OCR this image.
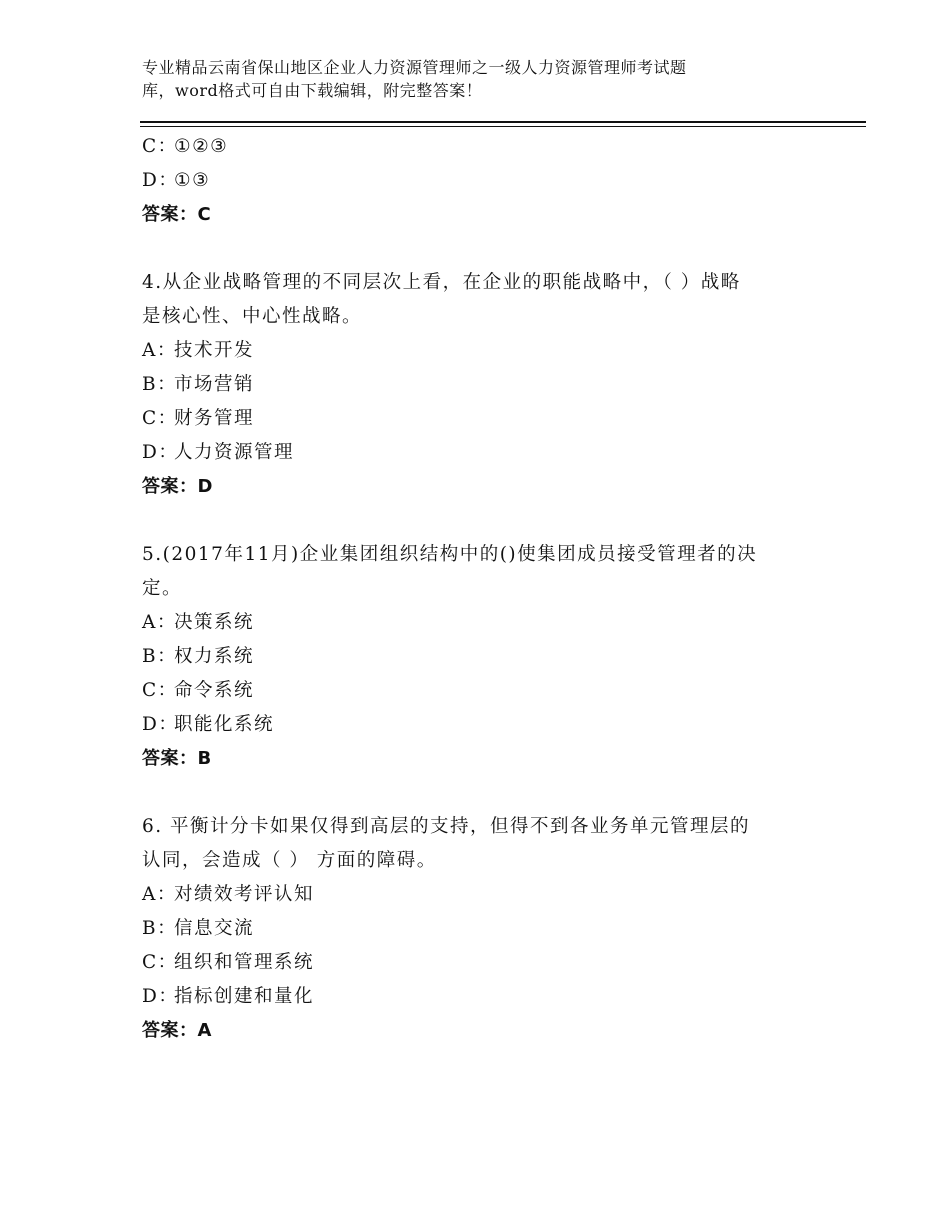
专业精品云南省保山地区企业人力资源管理师之一级人力资源管理师考试题
库，word格式可自由下载编辑，附完整答案！
C：①②③
D：①③
答案：C
4.从企业战略管理的不同层次上看，在企业的职能战略中，（ ）战略
是核心性、中心性战略。
A：技术开发
B：市场营销
C：财务管理
D：人力资源管理
答案：D
5.(2017年11月)企业集团组织结构中的()使集团成员接受管理者的决
定。
A：决策系统
B：权力系统
C：命令系统
D：职能化系统
答案：B
6. 平衡计分卡如果仅得到高层的支持，但得不到各业务单元管理层的
认同，会造成（ ） 方面的障碍。
A：对绩效考评认知
B：信息交流
C：组织和管理系统
D：指标创建和量化
答案：A
